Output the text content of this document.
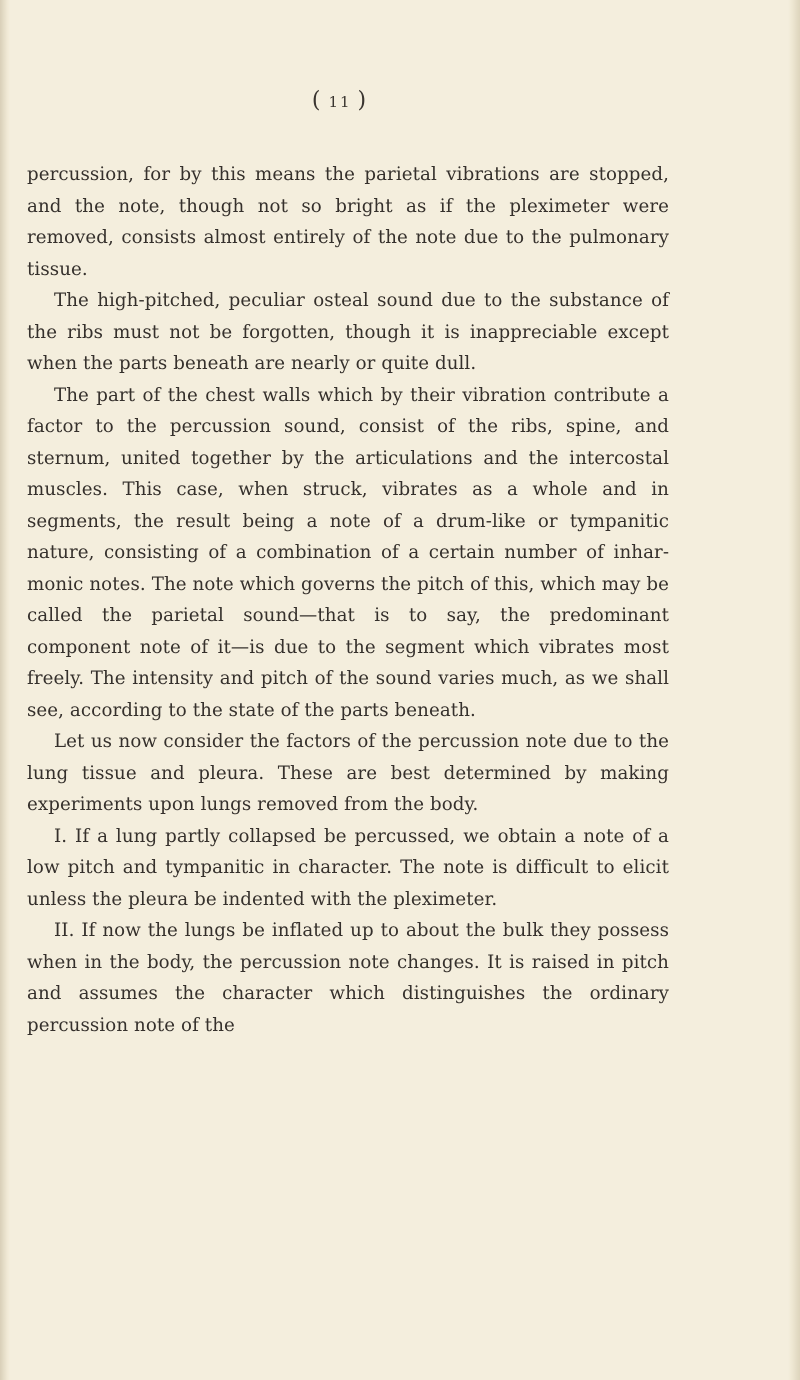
( 11 )

percussion, for by this means the parietal vibrations are stopped, and the note, though not so bright as if the pleximeter were removed, consists almost entirely of the note due to the pulmonary tissue.

The high-pitched, peculiar osteal sound due to the substance of the ribs must not be forgotten, though it is inappreciable except when the parts beneath are nearly or quite dull.

The part of the chest walls which by their vibration contribute a factor to the percussion sound, consist of the ribs, spine, and sternum, united together by the articulations and the intercostal muscles. This case, when struck, vibrates as a whole and in segments, the result being a note of a drum-like or tympanitic nature, consisting of a combination of a certain number of inharmonic notes. The note which governs the pitch of this, which may be called the parietal sound—that is to say, the predominant component note of it—is due to the segment which vibrates most freely. The intensity and pitch of the sound varies much, as we shall see, according to the state of the parts beneath.

Let us now consider the factors of the percussion note due to the lung tissue and pleura. These are best determined by making experiments upon lungs removed from the body.

I. If a lung partly collapsed be percussed, we obtain a note of a low pitch and tympanitic in character. The note is difficult to elicit unless the pleura be indented with the pleximeter.

II. If now the lungs be inflated up to about the bulk they possess when in the body, the percussion note changes. It is raised in pitch and assumes the character which distinguishes the ordinary percussion note of the
